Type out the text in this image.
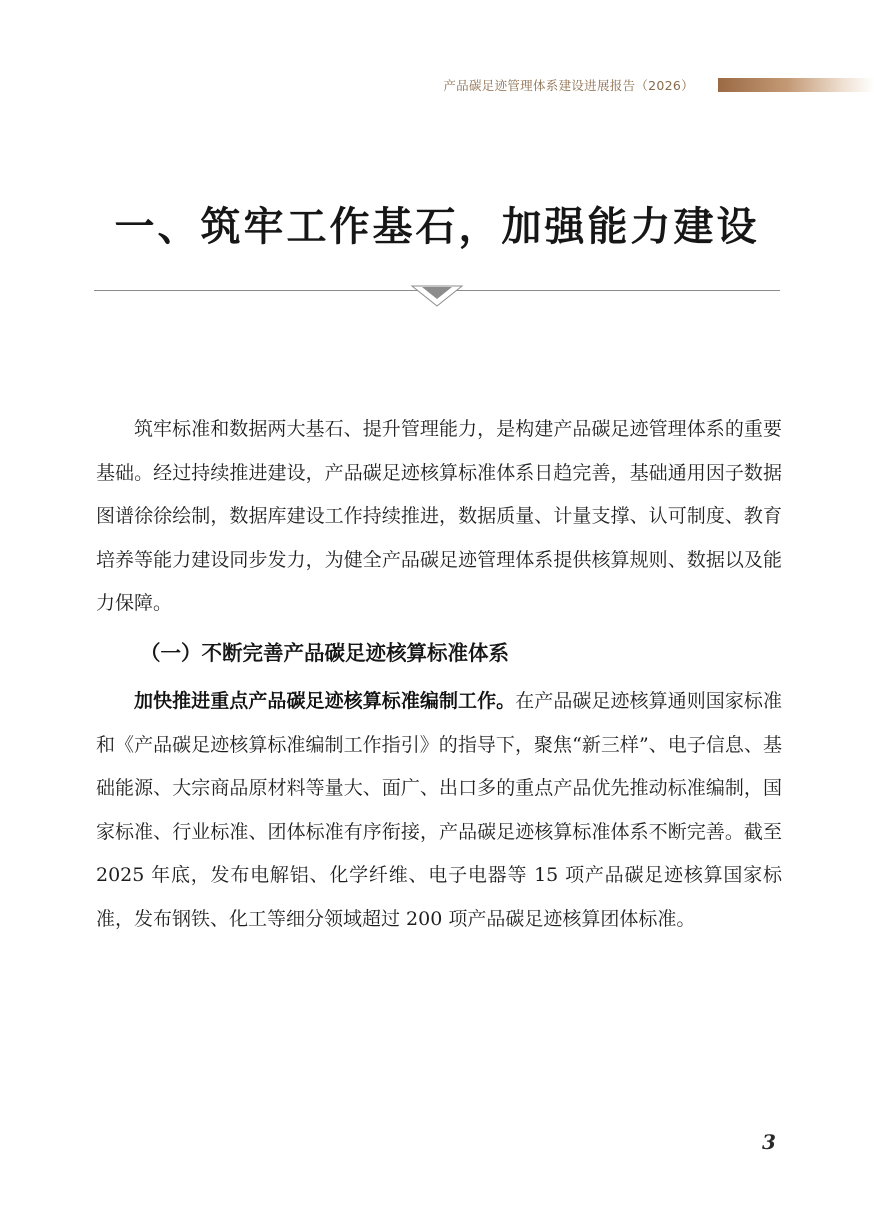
产品碳足迹管理体系建设进展报告（2026）
一、筑牢工作基石，加强能力建设

筑牢标准和数据两大基石、提升管理能力，是构建产品碳足迹管理体系的重要基础。经过持续推进建设，产品碳足迹核算标准体系日趋完善，基础通用因子数据图谱徐徐绘制，数据库建设工作持续推进，数据质量、计量支撑、认可制度、教育培养等能力建设同步发力，为健全产品碳足迹管理体系提供核算规则、数据以及能力保障。

（一）不断完善产品碳足迹核算标准体系

加快推进重点产品碳足迹核算标准编制工作。在产品碳足迹核算通则国家标准和《产品碳足迹核算标准编制工作指引》的指导下，聚焦“新三样”、电子信息、基础能源、大宗商品原材料等量大、面广、出口多的重点产品优先推动标准编制，国家标准、行业标准、团体标准有序衔接，产品碳足迹核算标准体系不断完善。截至 2025 年底，发布电解铝、化学纤维、电子电器等 15 项产品碳足迹核算国家标准，发布钢铁、化工等细分领域超过 200 项产品碳足迹核算团体标准。

3
